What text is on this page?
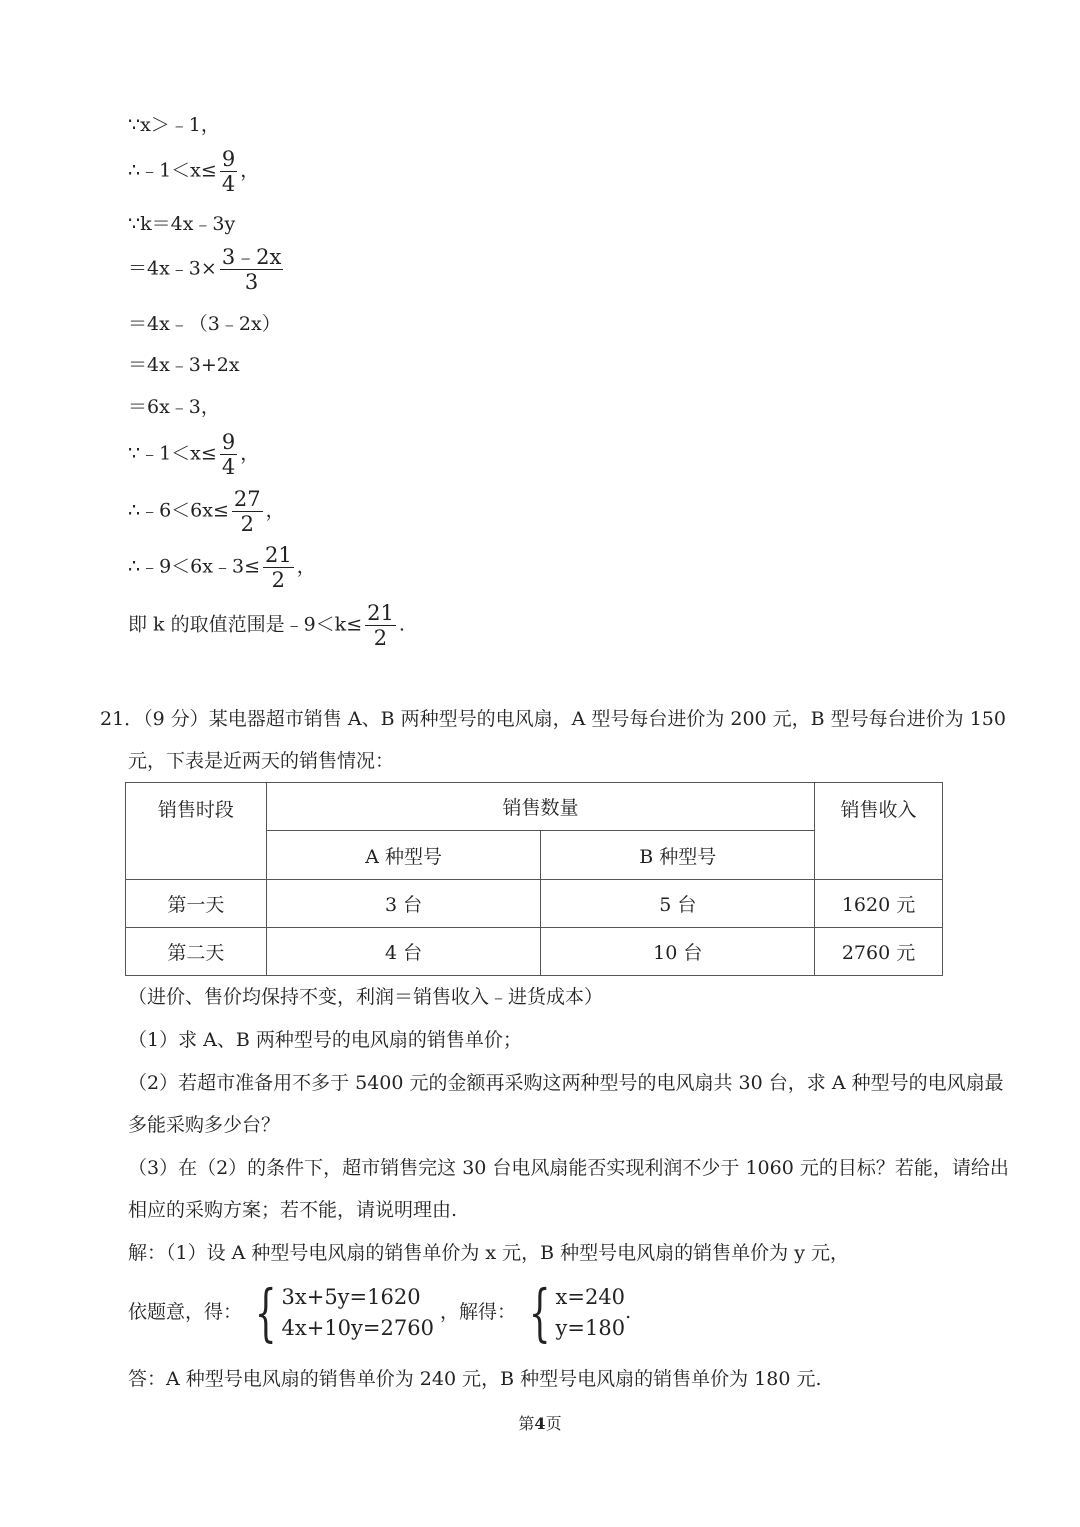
∵x＞﹣1，
∴﹣1＜x≤ $\frac{9}{4}$ ，
∵k＝4x﹣3y
＝4x﹣3× $\frac{3﹣2x}{3}$
＝4x﹣（3﹣2x）
＝4x﹣3+2x
＝6x﹣3，
∵﹣1＜x≤ $\frac{9}{4}$ ，
∴﹣6＜6x≤ $\frac{27}{2}$ ，
∴﹣9＜6x﹣3≤ $\frac{21}{2}$ ，
即 k 的取值范围是﹣9＜k≤ $\frac{21}{2}$ .
21．（9 分）某电器超市销售 A、B 两种型号的电风扇，A 型号每台进价为 200 元，B 型号每台进价为 150
元，下表是近两天的销售情况：
销售时段	销售数量		销售收入
	A 种型号	B 种型号	
第一天	3 台	5 台	1620 元
第二天	4 台	10 台	2760 元
（进价、售价均保持不变，利润＝销售收入﹣进货成本）
（1）求 A、B 两种型号的电风扇的销售单价；
（2）若超市准备用不多于 5400 元的金额再采购这两种型号的电风扇共 30 台，求 A 种型号的电风扇最
多能采购多少台？
（3）在（2）的条件下，超市销售完这 30 台电风扇能否实现利润不少于 1060 元的目标？若能，请给出
相应的采购方案；若不能，请说明理由.
解：（1）设 A 种型号电风扇的销售单价为 x 元，B 种型号电风扇的销售单价为 y 元，
依题意，得： { 3x+5y=1620
4x+10y=2760
，解得： { x=240
y=180
.
答：A 种型号电风扇的销售单价为 240 元，B 种型号电风扇的销售单价为 180 元.
第4页
